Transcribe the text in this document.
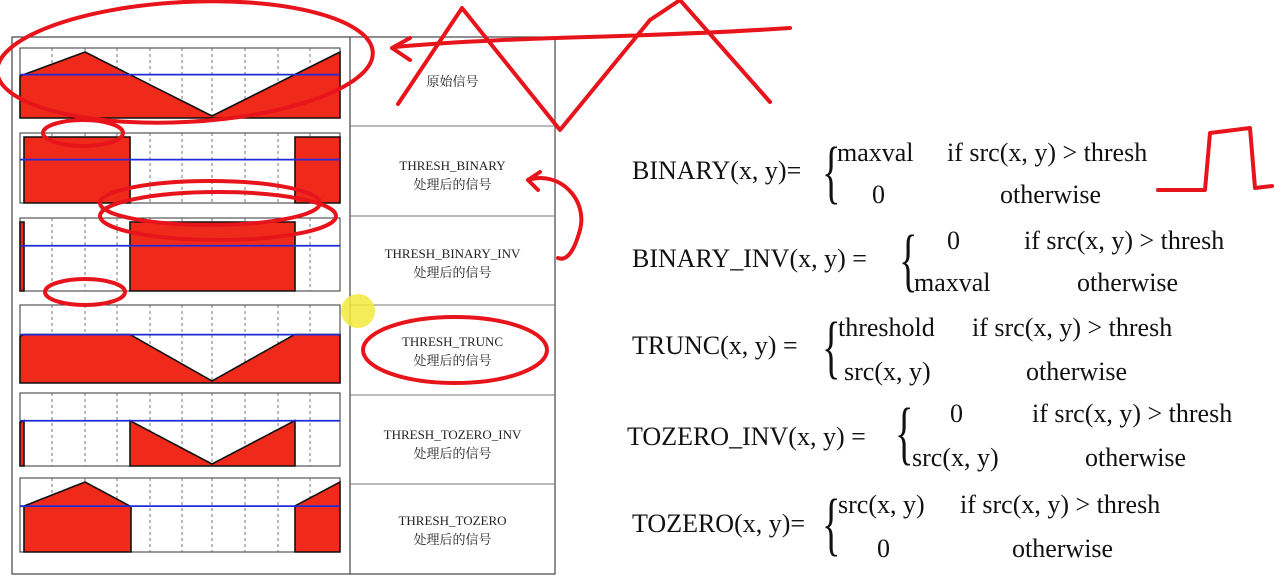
原始信号
THRESH_BINARY
处理后的信号
THRESH_BINARY_INV
处理后的信号
THRESH_TRUNC
处理后的信号
THRESH_TOZERO_INV
处理后的信号
THRESH_TOZERO
处理后的信号
BINARY(x, y)= {
maxval if src(x, y) > thresh
0	otherwise
BINARY_INV(x, y) = { 0 if src(x, y) > thresh
maxval	otherwise
TRUNC(x, y) = {
threshold if src(x, y) > thresh
src(x, y)	otherwise
TOZERO_INV(x, y) = { 0	if src(x, y) > thresh
src(x, y)	otherwise
TOZERO(x, y)= {
src(x, y) if src(x, y) > thresh
0	otherwise
